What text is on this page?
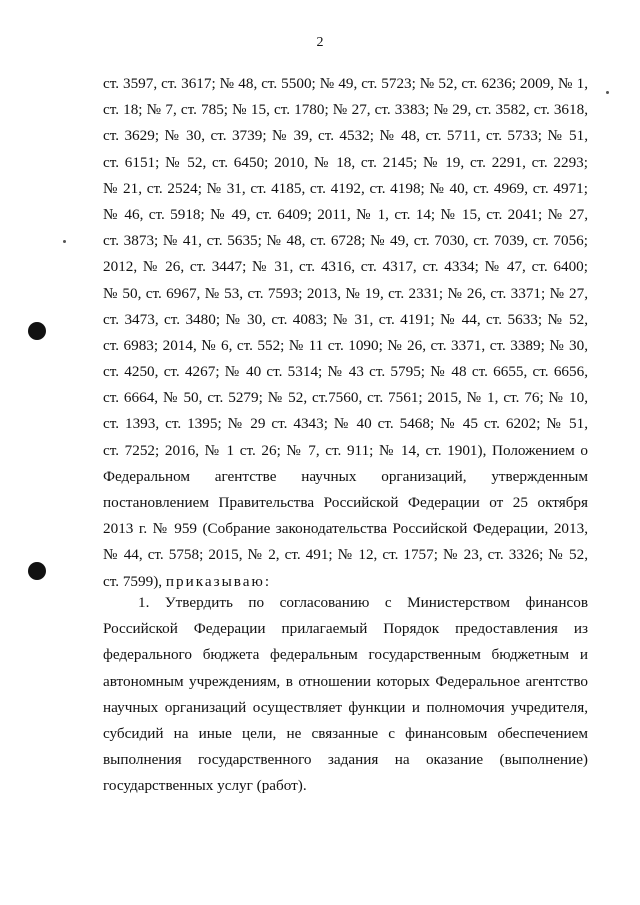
2
ст. 3597, ст. 3617; № 48, ст. 5500; № 49, ст. 5723; № 52, ст. 6236; 2009, № 1,
ст. 18; № 7, ст. 785; № 15, ст. 1780; № 27, ст. 3383; № 29, ст. 3582, ст. 3618,
ст. 3629; № 30, ст. 3739; № 39, ст. 4532; № 48, ст. 5711, ст. 5733; № 51,
ст. 6151; № 52, ст. 6450; 2010, № 18, ст. 2145; № 19, ст. 2291, ст. 2293;
№ 21, ст. 2524; № 31, ст. 4185, ст. 4192, ст. 4198; № 40, ст. 4969, ст. 4971;
№ 46, ст. 5918; № 49, ст. 6409; 2011, № 1, ст. 14; № 15, ст. 2041; № 27,
ст. 3873; № 41, ст. 5635; № 48, ст. 6728; № 49, ст. 7030, ст. 7039, ст. 7056;
2012, № 26, ст. 3447; № 31, ст. 4316, ст. 4317, ст. 4334; № 47, ст. 6400;
№ 50, ст. 6967, № 53, ст. 7593; 2013, № 19, ст. 2331; № 26, ст. 3371; № 27,
ст. 3473, ст. 3480; № 30, ст. 4083; № 31, ст. 4191; № 44, ст. 5633; № 52,
ст. 6983; 2014, № 6, ст. 552; № 11 ст. 1090; № 26, ст. 3371, ст. 3389; № 30,
ст. 4250, ст. 4267; № 40 ст. 5314; № 43 ст. 5795; № 48 ст. 6655, ст. 6656,
ст. 6664, № 50, ст. 5279; № 52, ст.7560, ст. 7561; 2015, № 1, ст. 76; № 10,
ст. 1393, ст. 1395; № 29 ст. 4343; № 40 ст. 5468; № 45 ст. 6202; № 51,
ст. 7252; 2016, № 1 ст. 26; № 7, ст. 911; № 14, ст. 1901), Положением о
Федеральном агентстве научных организаций, утвержденным
постановлением Правительства Российской Федерации от 25 октября
2013 г. № 959 (Собрание законодательства Российской Федерации, 2013,
№ 44, ст. 5758; 2015, № 2, ст. 491; № 12, ст. 1757; № 23, ст. 3326; № 52,
ст. 7599), приказываю:
1. Утвердить по согласованию с Министерством финансов
Российской Федерации прилагаемый Порядок предоставления из
федерального бюджета федеральным государственным бюджетным и
автономным учреждениям, в отношении которых Федеральное агентство
научных организаций осуществляет функции и полномочия учредителя,
субсидий на иные цели, не связанные с финансовым обеспечением
выполнения государственного задания на оказание (выполнение)
государственных услуг (работ).
